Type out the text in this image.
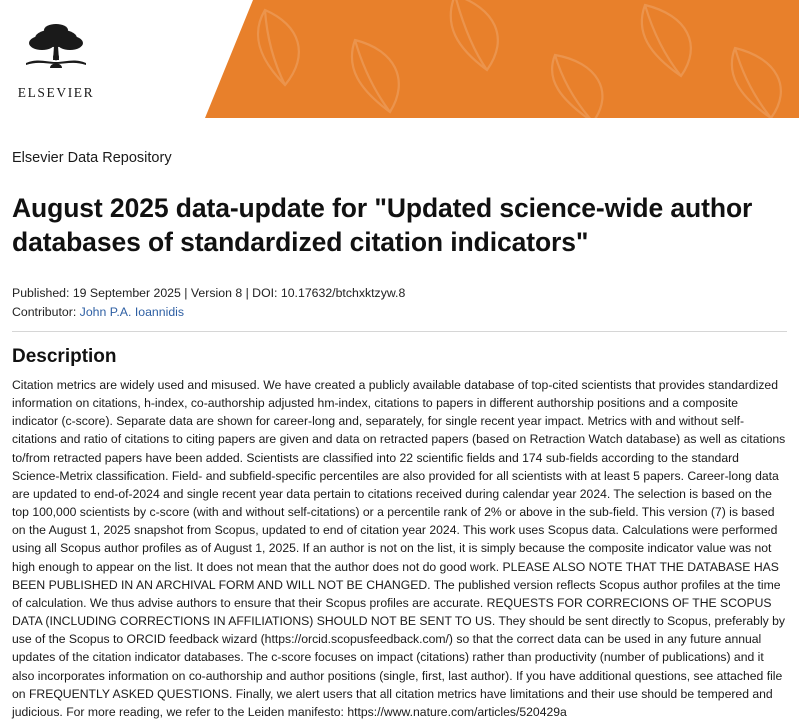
ELSEVIER
Elsevier Data Repository
August 2025 data-update for "Updated science-wide author databases of standardized citation indicators"
Published: 19 September 2025 | Version 8 | DOI: 10.17632/btchxktzyw.8
Contributor: John P.A. Ioannidis
Description

Citation metrics are widely used and misused. We have created a publicly available database of top-cited scientists that provides standardized information on citations, h-index, co-authorship adjusted hm-index, citations to papers in different authorship positions and a composite indicator (c-score). Separate data are shown for career-long and, separately, for single recent year impact. Metrics with and without self-citations and ratio of citations to citing papers are given and data on retracted papers (based on Retraction Watch database) as well as citations to/from retracted papers have been added. Scientists are classified into 22 scientific fields and 174 sub-fields according to the standard Science-Metrix classification. Field- and subfield-specific percentiles are also provided for all scientists with at least 5 papers. Career-long data are updated to end-of-2024 and single recent year data pertain to citations received during calendar year 2024. The selection is based on the top 100,000 scientists by c-score (with and without self-citations) or a percentile rank of 2% or above in the sub-field. This version (7) is based on the August 1, 2025 snapshot from Scopus, updated to end of citation year 2024. This work uses Scopus data. Calculations were performed using all Scopus author profiles as of August 1, 2025. If an author is not on the list, it is simply because the composite indicator value was not high enough to appear on the list. It does not mean that the author does not do good work. PLEASE ALSO NOTE THAT THE DATABASE HAS BEEN PUBLISHED IN AN ARCHIVAL FORM AND WILL NOT BE CHANGED. The published version reflects Scopus author profiles at the time of calculation. We thus advise authors to ensure that their Scopus profiles are accurate. REQUESTS FOR CORRECIONS OF THE SCOPUS DATA (INCLUDING CORRECTIONS IN AFFILIATIONS) SHOULD NOT BE SENT TO US. They should be sent directly to Scopus, preferably by use of the Scopus to ORCID feedback wizard (https://orcid.scopusfeedback.com/) so that the correct data can be used in any future annual updates of the citation indicator databases. The c-score focuses on impact (citations) rather than productivity (number of publications) and it also incorporates information on co-authorship and author positions (single, first, last author). If you have additional questions, see attached file on FREQUENTLY ASKED QUESTIONS. Finally, we alert users that all citation metrics have limitations and their use should be tempered and judicious. For more reading, we refer to the Leiden manifesto: https://www.nature.com/articles/520429a
